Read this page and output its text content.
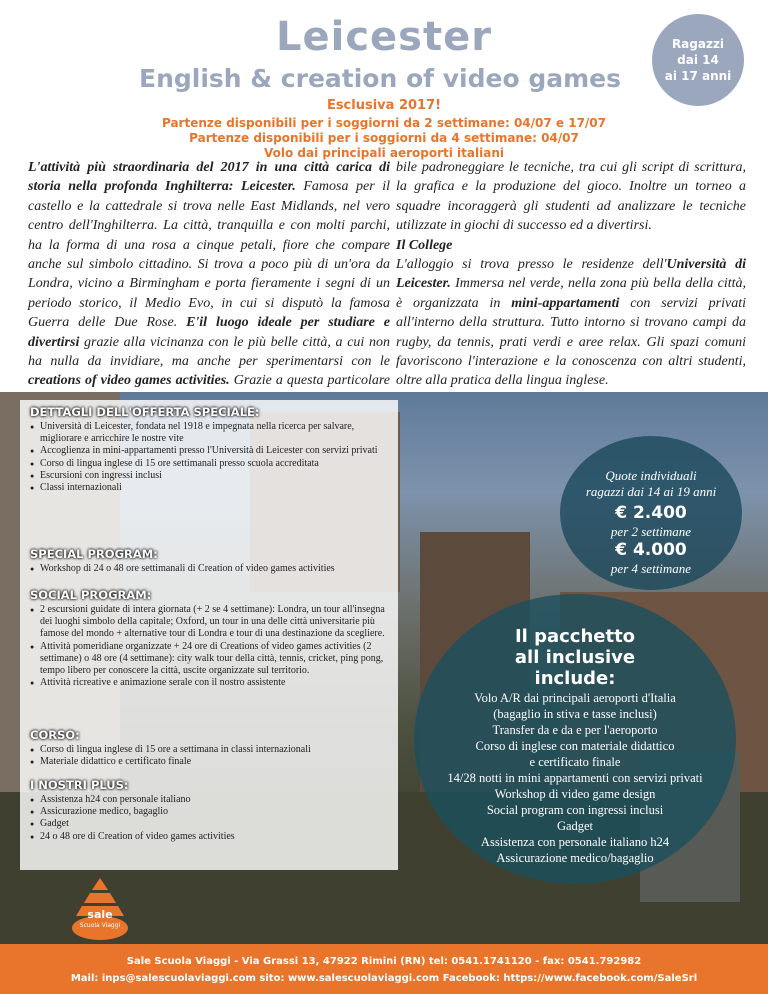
Leicester
English & creation of video games
Esclusiva 2017!
Partenze disponibili per i soggiorni da 2 settimane: 04/07 e 17/07
Partenze disponibili per i soggiorni da 4 settimane: 04/07
Volo dai principali aeroporti italiani
Ragazzi
dai 14
ai 17 anni
L'attività più straordinaria del 2017 in una città carica di storia nella profonda Inghilterra: Leicester. Famosa per il castello e la cattedrale si trova nelle East Midlands, nel vero centro dell'Inghilterra. La città, tranquilla e con molti parchi, ha la forma di una rosa a cinque petali, fiore che compare anche sul simbolo cittadino. Si trova a poco più di un'ora da Londra, vicino a Birmingham e porta fieramente i segni di un periodo storico, il Medio Evo, in cui si disputò la famosa Guerra delle Due Rose. E'il luogo ideale per studiare e divertirsi grazie alla vicinanza con le più belle città, a cui non ha nulla da invidiare, ma anche per sperimentarsi con le creations of video games activities. Grazie a questa particolare
bile padroneggiare le tecniche, tra cui gli script di scrittura, la grafica e la produzione del gioco. Inoltre un torneo a squadre incoraggerà gli studenti ad analizzare le tecniche utilizzate in giochi di successo ed a divertirsi.
Il College
L'alloggio si trova presso le residenze dell'Università di Leicester. Immersa nel verde, nella zona più bella della città, è organizzata in mini-appartamenti con servizi privati all'interno della struttura. Tutto intorno si trovano campi da rugby, da tennis, prati verdi e aree relax. Gli spazi comuni favoriscono l'interazione e la conoscenza con altri studenti, oltre alla pratica della lingua inglese.
DETTAGLI DELL'OFFERTA SPECIALE:
● Università di Leicester, fondata nel 1918 e impegnata nella ricerca per salvare, migliorare e arricchire le nostre vite
● Accoglienza in mini-appartamenti presso l'Università di Leicester con servizi privati
● Corso di lingua inglese di 15 ore settimanali presso scuola accreditata
● Escursioni con ingressi inclusi
● Classi internazionali
SPECIAL PROGRAM:
● Workshop di 24 o 48 ore settimanali di Creation of video games activities
SOCIAL PROGRAM:
● 2 escursioni guidate di intera giornata (+ 2 se 4 settimane): Londra, un tour all'insegna dei luoghi simbolo della capitale; Oxford, un tour in una delle città universitarie più famose del mondo + alternative tour di Londra e tour di una destinazione da scegliere.
● Attività pomeridiane organizzate + 24 ore di Creations of video games activities (2 settimane) o 48 ore (4 settimane): city walk tour della città, tennis, cricket, ping pong, tempo libero per conoscere la città, uscite organizzate sul territorio.
● Attività ricreative e animazione serale con il nostro assistente
CORSO:
● Corso di lingua inglese di 15 ore a settimana in classi internazionali
● Materiale didattico e certificato finale
I NOSTRI PLUS:
● Assistenza h24 con personale italiano
● Assicurazione medico, bagaglio
● Gadget
● 24 o 48 ore di Creation of video games activities
Quote individuali
ragazzi dai 14 ai 19 anni
€ 2.400
per 2 settimane
€ 4.000
per 4 settimane
Il pacchetto
all inclusive
include:
Volo A/R dai principali aeroporti d'Italia
(bagaglio in stiva e tasse inclusi)
Transfer da e da e per l'aeroporto
Corso di inglese con materiale didattico
e certificato finale
14/28 notti in mini appartamenti con servizi privati
Workshop di video game design
Social program con ingressi inclusi
Gadget
Assistenza con personale italiano h24
Assicurazione medico/bagaglio
sale
Scuola Viaggi
Sale Scuola Viaggi - Via Grassi 13, 47922 Rimini (RN) tel: 0541.1741120 - fax: 0541.792982
Mail: inps@salescuolaviaggi.com sito: www.salescuolaviaggi.com Facebook: https://www.facebook.com/SaleSrl
